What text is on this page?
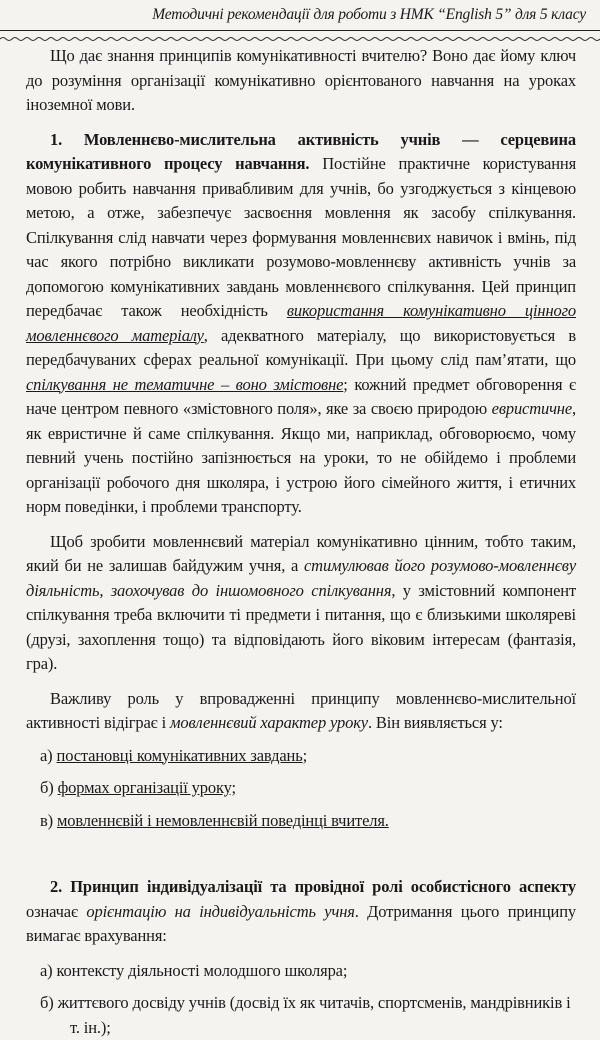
Методичні рекомендації для роботи з НМК “English 5” для 5 класу

Що дає знання принципів комунікативності вчителю? Воно дає йому ключ до розуміння організації комунікативно орієнтованого навчання на уроках іноземної мови.

1. Мовленнєво-мислительна активність учнів — серцевина комунікативного процесу навчання. Постійне практичне користування мовою робить навчання привабливим для учнів, бо узгоджується з кінцевою метою, а отже, забезпечує засвоєння мовлення як засобу спілкування. Спілкування слід навчати через формування мовленнєвих навичок і вмінь, під час якого потрібно викликати розумово-мовленнєву активність учнів за допомогою комунікативних завдань мовленнєвого спілкування. Цей принцип передбачає також необхідність використання комунікативно цінного мовленнєвого матеріалу, адекватного матеріалу, що використовується в передбачуваних сферах реальної комунікації. При цьому слід пам’ятати, що спілкування не тематичне – воно змістовне; кожний предмет обговорення є наче центром певного «змістовного поля», яке за своєю природою евристичне, як евристичне й саме спілкування. Якщо ми, наприклад, обговорюємо, чому певний учень постійно запізнюється на уроки, то не обійдемо і проблеми організації робочого дня школяра, і устрою його сімейного життя, і етичних норм поведінки, і проблеми транспорту.

Щоб зробити мовленнєвий матеріал комунікативно цінним, тобто таким, який би не залишав байдужим учня, а стимулював його розумово-мовленнєву діяльність, заохочував до іншомовного спілкування, у змістовний компонент спілкування треба включити ті предмети і питання, що є близькими школяреві (друзі, захоплення тощо) та відповідають його віковим інтересам (фантазія, гра).

Важливу роль у впровадженні принципу мовленнєво-мислительної активності відіграє і мовленнєвий характер уроку. Він виявляється у:

а) постановці комунікативних завдань;

б) формах організації уроку;

в) мовленнєвій і немовленнєвій поведінці вчителя.

2. Принцип індивідуалізації та провідної ролі особистісного аспекту означає орієнтацію на індивідуальність учня. Дотримання цього принципу вимагає врахування:

а) контексту діяльності молодшого школяра;

б) життєвого досвіду учнів (досвід їх як читачів, спортсменів, мандрівників і т. ін.);
